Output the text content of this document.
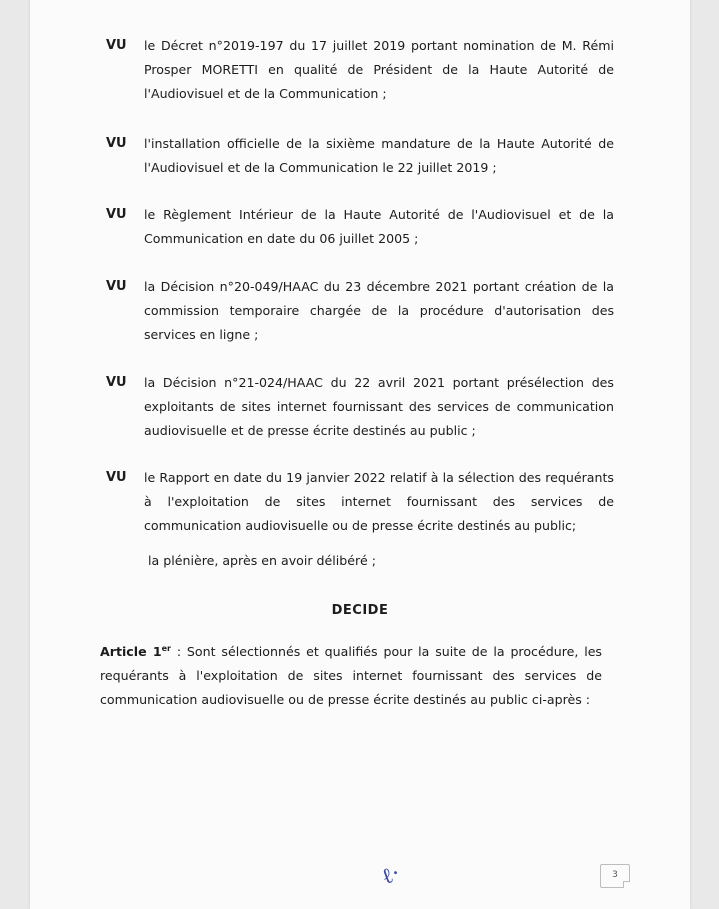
VU le Décret n°2019-197 du 17 juillet 2019 portant nomination de M. Rémi Prosper MORETTI en qualité de Président de la Haute Autorité de l'Audiovisuel et de la Communication ;
VU l'installation officielle de la sixième mandature de la Haute Autorité de l'Audiovisuel et de la Communication le 22 juillet 2019 ;
VU le Règlement Intérieur de la Haute Autorité de l'Audiovisuel et de la Communication en date du 06 juillet 2005 ;
VU la Décision n°20-049/HAAC du 23 décembre 2021 portant création de la commission temporaire chargée de la procédure d'autorisation des services en ligne ;
VU la Décision n°21-024/HAAC du 22 avril 2021 portant présélection des exploitants de sites internet fournissant des services de communication audiovisuelle et de presse écrite destinés au public ;
VU le Rapport en date du 19 janvier 2022 relatif à la sélection des requérants à l'exploitation de sites internet fournissant des services de communication audiovisuelle ou de presse écrite destinés au public;
la plénière, après en avoir délibéré ;
DECIDE
Article 1er : Sont sélectionnés et qualifiés pour la suite de la procédure, les requérants à l'exploitation de sites internet fournissant des services de communication audiovisuelle ou de presse écrite destinés au public ci-après :
ℓ·	3
